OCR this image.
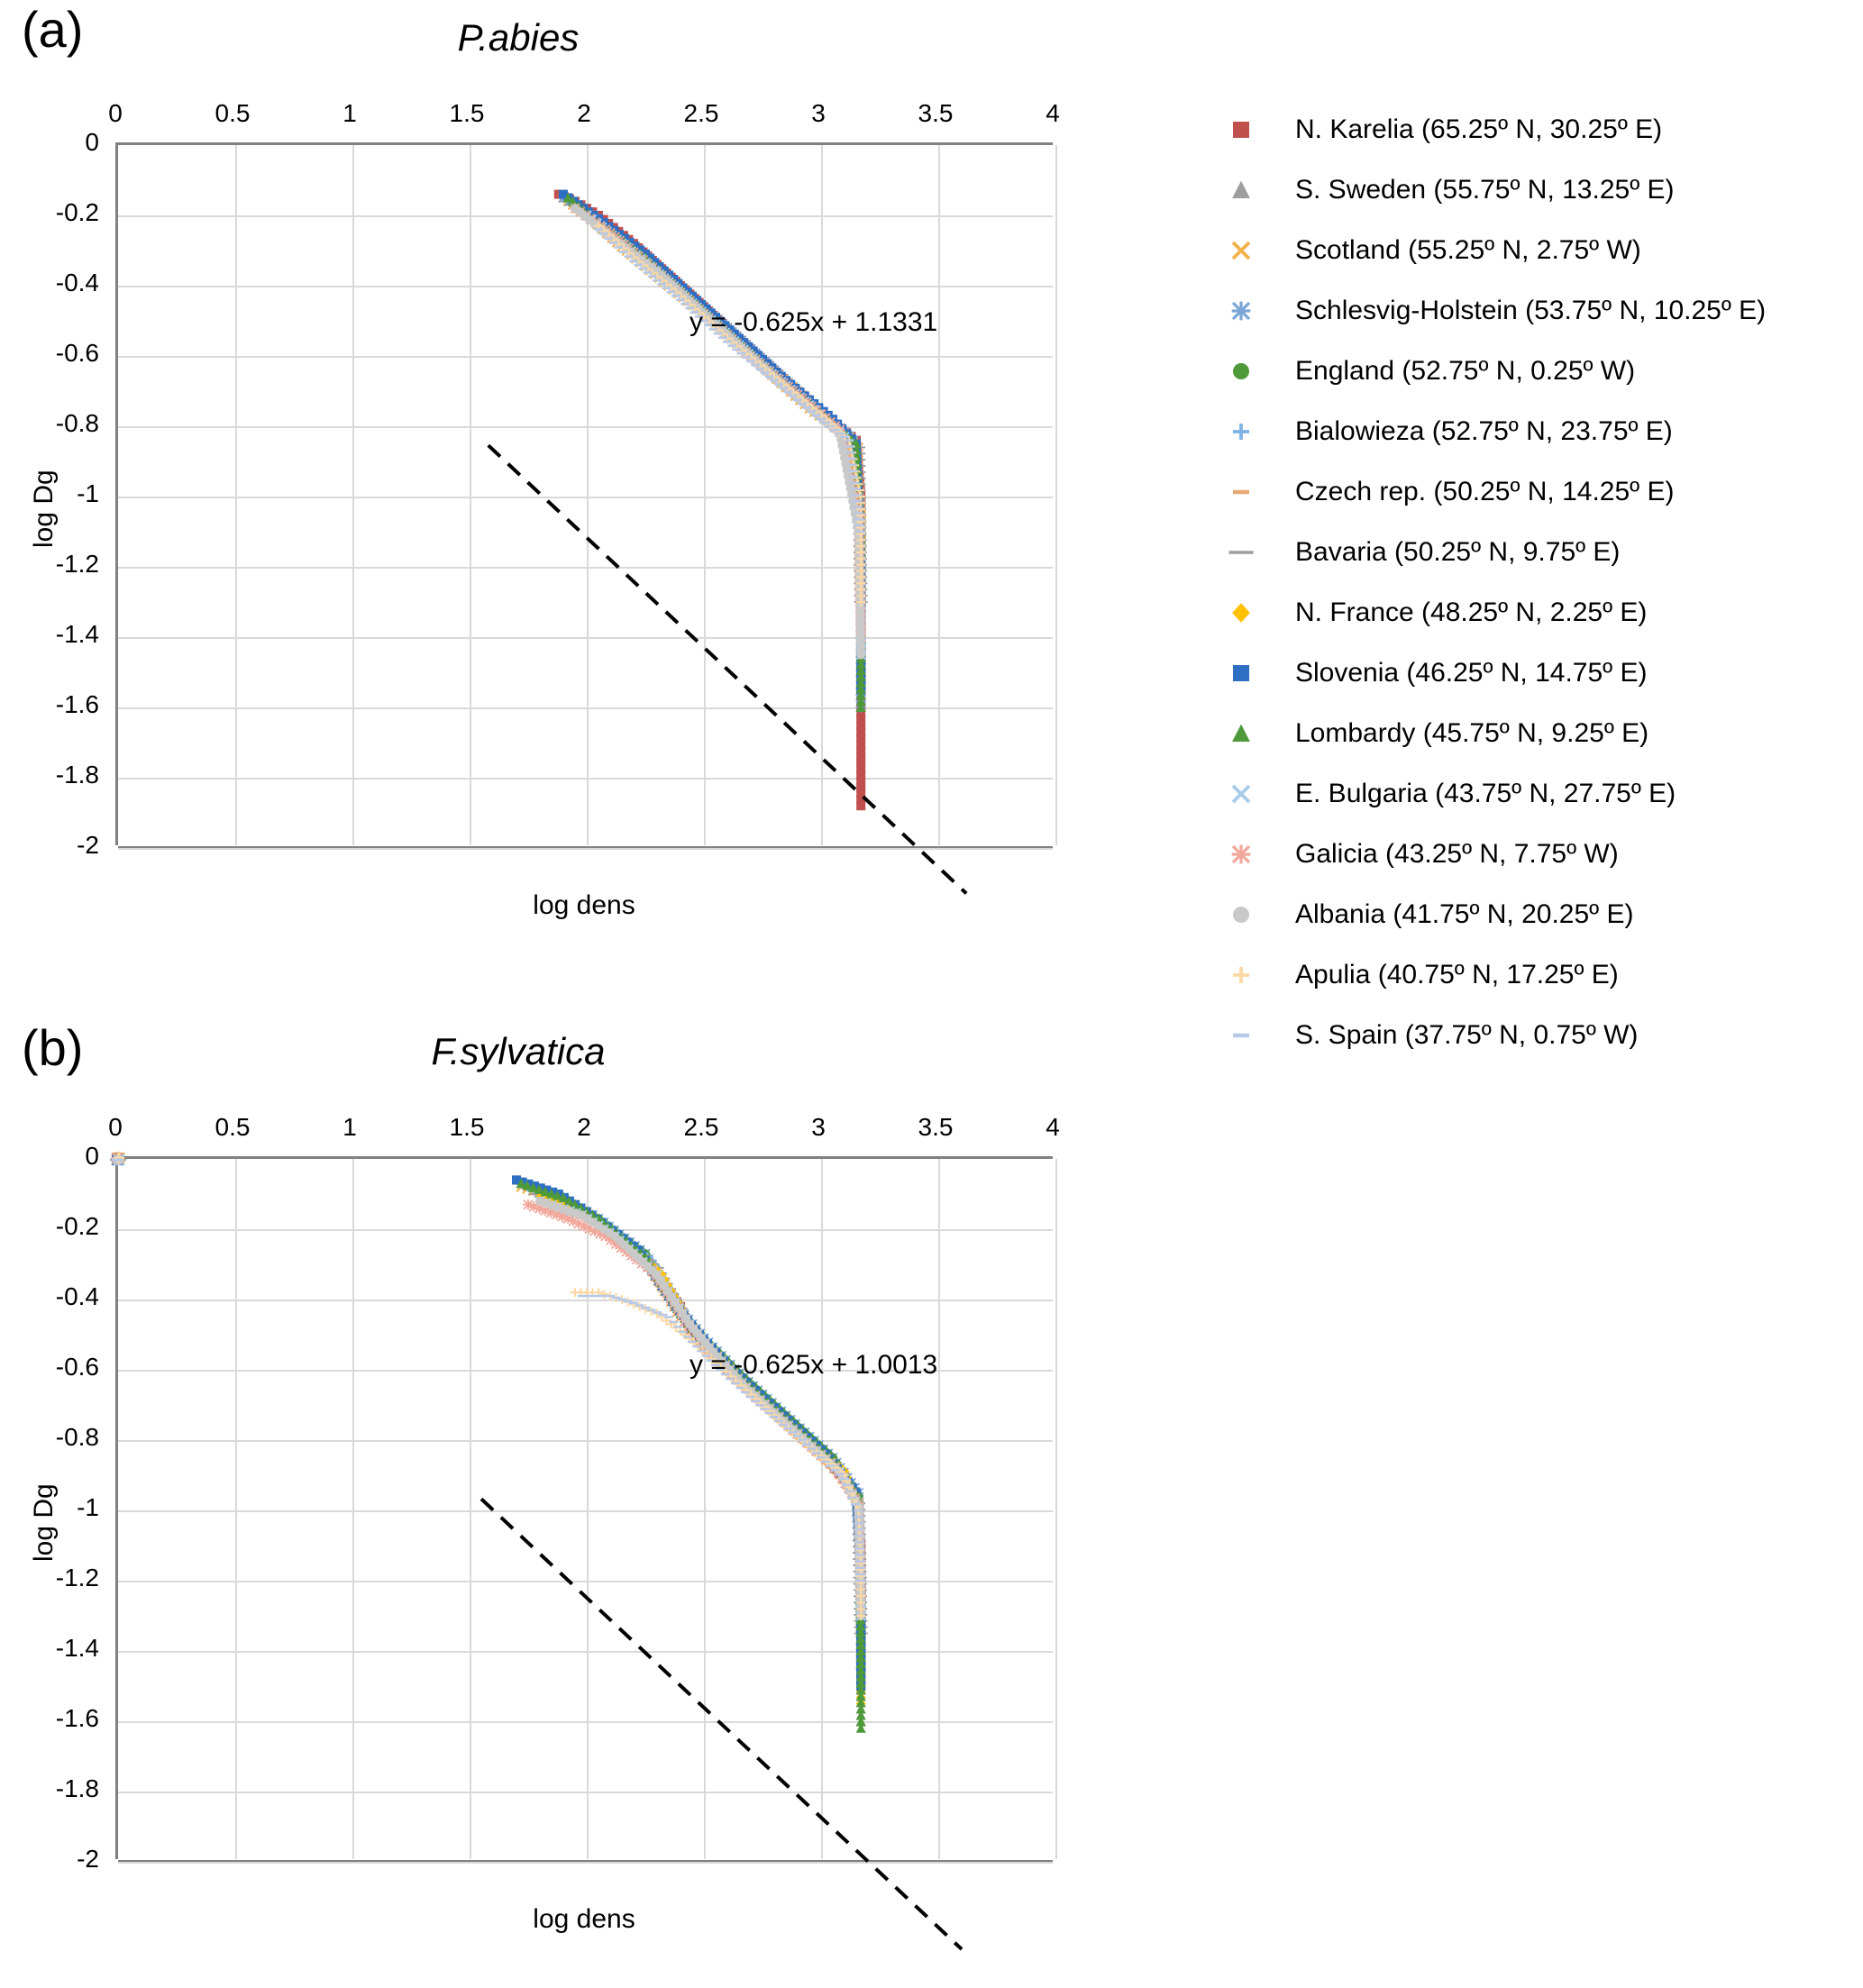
(a)
(b)
P.abies
log dens
log Dg
y = -0.625x + 1.1331
0	0.5	1	1.5	2	2.5	3	3.5	4
0
-0.2
-0.4
-0.6
-0.8
-1
-1.2
-1.4
-1.6
-1.8
-2
F.sylvatica
log dens
log Dg
y = -0.625x + 1.0013
0	0.5	1	1.5	2	2.5	3	3.5	4
0
-0.2
-0.4
-0.6
-0.8
-1
-1.2
-1.4
-1.6
-1.8
-2
N. Karelia (65.25º N, 30.25º E)
S. Sweden (55.75º N, 13.25º E)
Scotland (55.25º N, 2.75º W)
Schlesvig-Holstein (53.75º N, 10.25º E)
England (52.75º N, 0.25º W)
Bialowieza (52.75º N, 23.75º E)
Czech rep. (50.25º N, 14.25º E)
Bavaria (50.25º N, 9.75º E)
N. France (48.25º N, 2.25º E)
Slovenia (46.25º N, 14.75º E)
Lombardy (45.75º N, 9.25º E)
E. Bulgaria (43.75º N, 27.75º E)
Galicia (43.25º N, 7.75º W)
Albania (41.75º N, 20.25º E)
Apulia (40.75º N, 17.25º E)
S. Spain (37.75º N, 0.75º W)
